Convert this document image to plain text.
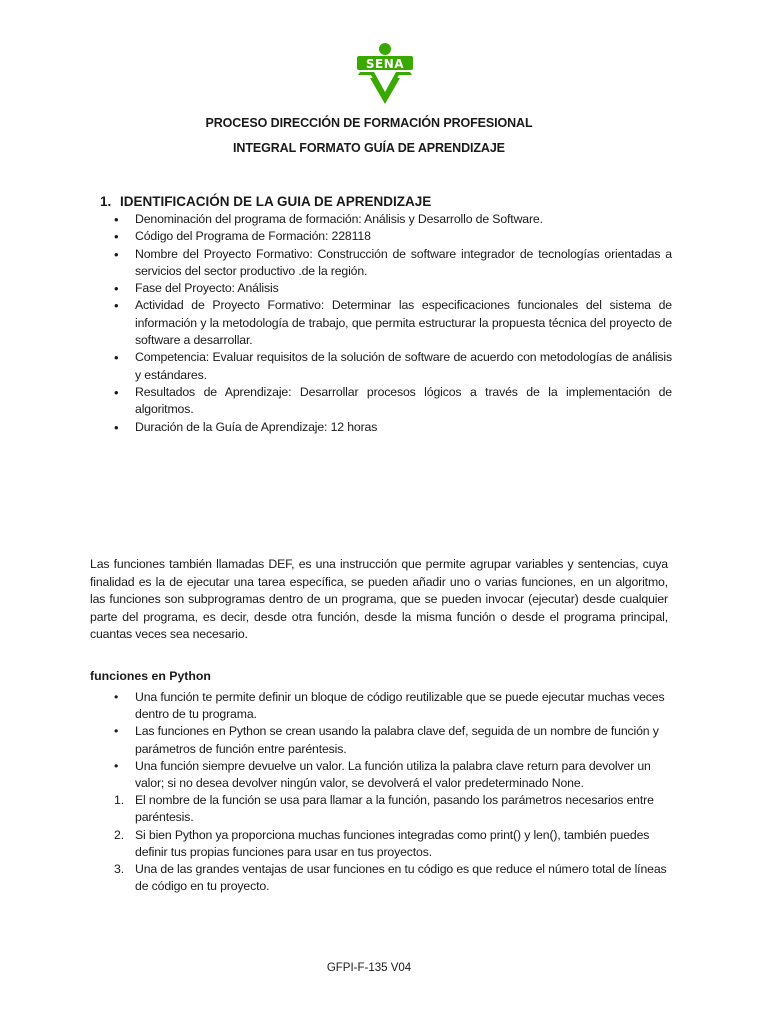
SENA
PROCESO DIRECCIÓN DE FORMACIÓN PROFESIONAL
INTEGRAL FORMATO GUÍA DE APRENDIZAJE
1. IDENTIFICACIÓN DE LA GUIA DE APRENDIZAJE
• Denominación del programa de formación: Análisis y Desarrollo de Software.
• Código del Programa de Formación: 228118
• Nombre del Proyecto Formativo: Construcción de software integrador de tecnologías orientadas a servicios del sector productivo .de la región.
• Fase del Proyecto: Análisis
• Actividad de Proyecto Formativo: Determinar las especificaciones funcionales del sistema de información y la metodología de trabajo, que permita estructurar la propuesta técnica del proyecto de software a desarrollar.
• Competencia: Evaluar requisitos de la solución de software de acuerdo con metodologías de análisis y estándares.
• Resultados de Aprendizaje: Desarrollar procesos lógicos a través de la implementación de algoritmos.
• Duración de la Guía de Aprendizaje: 12 horas

Las funciones también llamadas DEF, es una instrucción que permite agrupar variables y sentencias, cuya finalidad es la de ejecutar una tarea específica, se pueden añadir uno o varias funciones, en un algoritmo, las funciones son subprogramas dentro de un programa, que se pueden invocar (ejecutar) desde cualquier parte del programa, es decir, desde otra función, desde la misma función o desde el programa principal, cuantas veces sea necesario.

funciones en Python
• Una función te permite definir un bloque de código reutilizable que se puede ejecutar muchas veces dentro de tu programa.
• Las funciones en Python se crean usando la palabra clave def, seguida de un nombre de función y parámetros de función entre paréntesis.
• Una función siempre devuelve un valor. La función utiliza la palabra clave return para devolver un valor; si no desea devolver ningún valor, se devolverá el valor predeterminado None.
1. El nombre de la función se usa para llamar a la función, pasando los parámetros necesarios entre paréntesis.
2. Si bien Python ya proporciona muchas funciones integradas como print() y len(), también puedes definir tus propias funciones para usar en tus proyectos.
3. Una de las grandes ventajas de usar funciones en tu código es que reduce el número total de líneas de código en tu proyecto.
GFPI-F-135 V04
